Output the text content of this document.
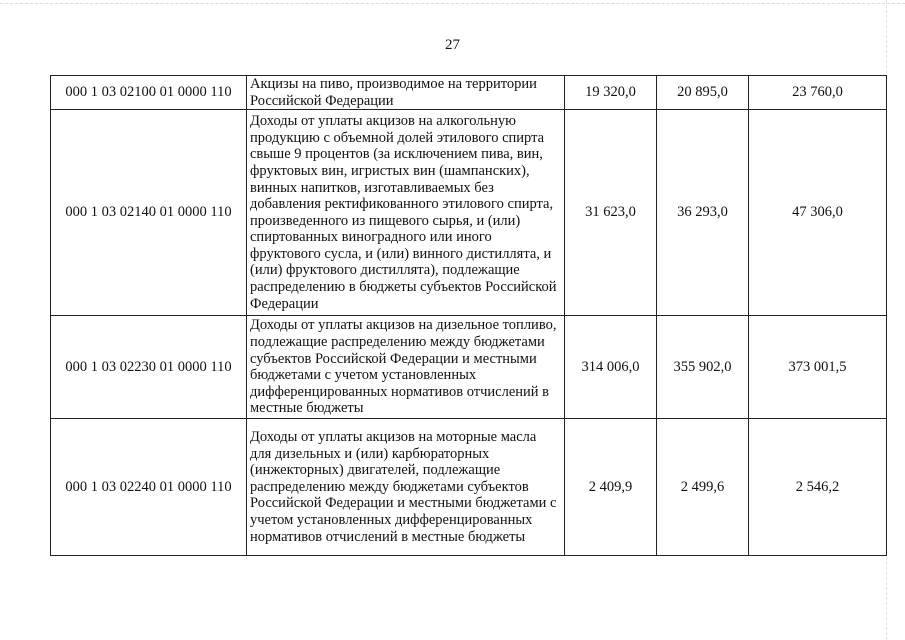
27
000 1 03 02100 01 0000 110	Акцизы на пиво, производимое на территории Российской Федерации	19 320,0	20 895,0	23 760,0
000 1 03 02140 01 0000 110	Доходы от уплаты акцизов на алкогольную продукцию с объемной долей этилового спирта свыше 9 процентов (за исключением пива, вин, фруктовых вин, игристых вин (шампанских), винных напитков, изготавливаемых без добавления ректификованного этилового спирта, произведенного из пищевого сырья, и (или) спиртованных виноградного или иного фруктового сусла, и (или) винного дистиллята, и (или) фруктового дистиллята), подлежащие распределению в бюджеты субъектов Российской Федерации	31 623,0	36 293,0	47 306,0
000 1 03 02230 01 0000 110	Доходы от уплаты акцизов на дизельное топливо, подлежащие распределению между бюджетами субъектов Российской Федерации и местными бюджетами с учетом установленных дифференцированных нормативов отчислений в местные бюджеты	314 006,0	355 902,0	373 001,5
000 1 03 02240 01 0000 110	Доходы от уплаты акцизов на моторные масла для дизельных и (или) карбюраторных (инжекторных) двигателей, подлежащие распределению между бюджетами субъектов Российской Федерации и местными бюджетами с учетом установленных дифференцированных нормативов отчислений в местные бюджеты	2 409,9	2 499,6	2 546,2
